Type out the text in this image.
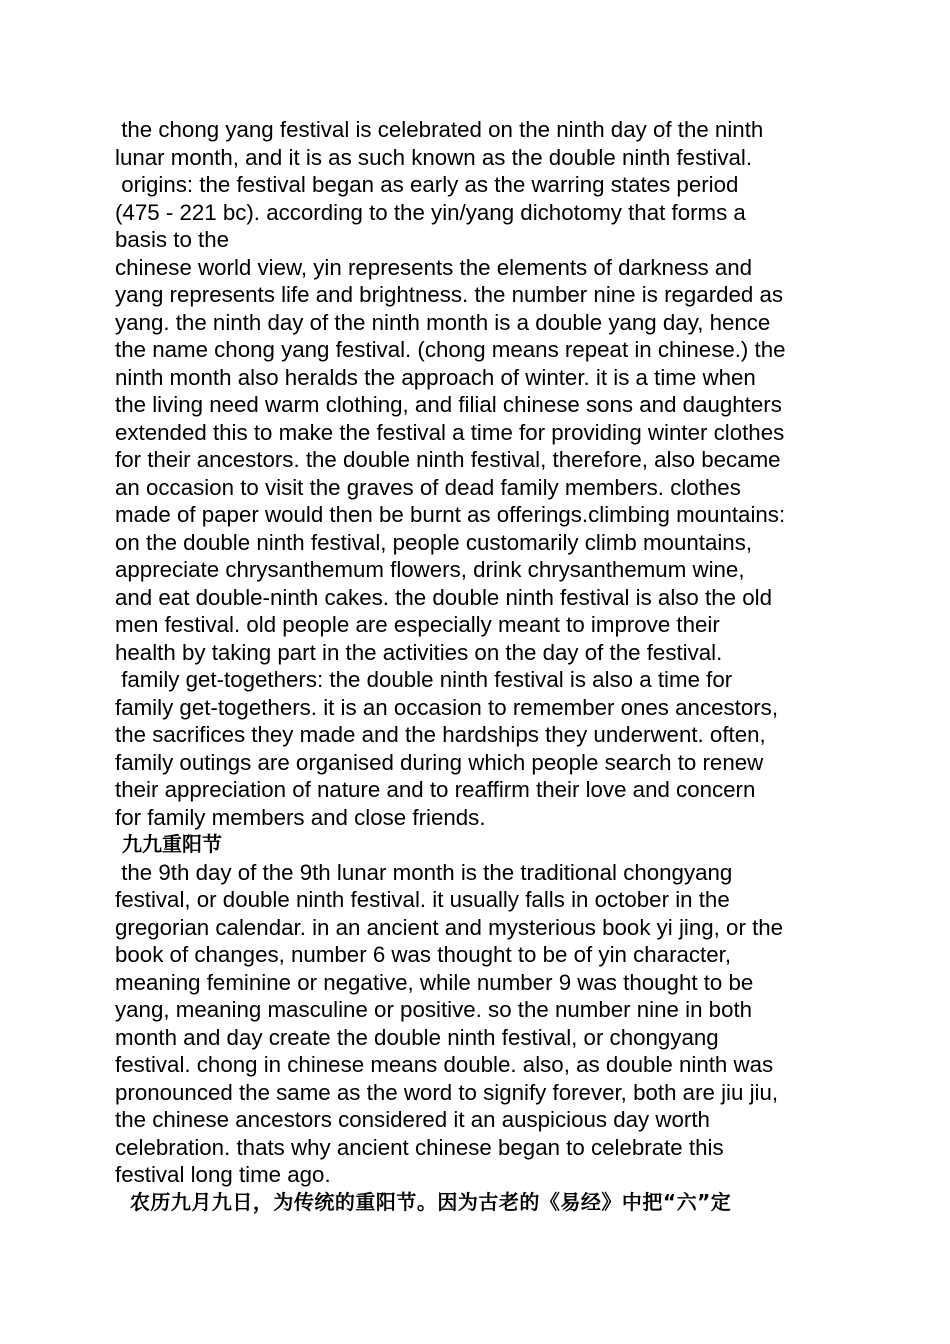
the chong yang festival is celebrated on the ninth day of the ninth
lunar month, and it is as such known as the double ninth festival.
origins: the festival began as early as the warring states period
(475 - 221 bc). according to the yin/yang dichotomy that forms a
basis to the
chinese world view, yin represents the elements of darkness and
yang represents life and brightness. the number nine is regarded as
yang. the ninth day of the ninth month is a double yang day, hence
the name chong yang festival. (chong means repeat in chinese.) the
ninth month also heralds the approach of winter. it is a time when
the living need warm clothing, and filial chinese sons and daughters
extended this to make the festival a time for providing winter clothes
for their ancestors. the double ninth festival, therefore, also became
an occasion to visit the graves of dead family members. clothes
made of paper would then be burnt as offerings.climbing mountains:
on the double ninth festival, people customarily climb mountains,
appreciate chrysanthemum flowers, drink chrysanthemum wine,
and eat double-ninth cakes. the double ninth festival is also the old
men festival. old people are especially meant to improve their
health by taking part in the activities on the day of the festival.
family get-togethers: the double ninth festival is also a time for
family get-togethers. it is an occasion to remember ones ancestors,
the sacrifices they made and the hardships they underwent. often,
family outings are organised during which people search to renew
their appreciation of nature and to reaffirm their love and concern
for family members and close friends.
九九重阳节
the 9th day of the 9th lunar month is the traditional chongyang
festival, or double ninth festival. it usually falls in october in the
gregorian calendar. in an ancient and mysterious book yi jing, or the
book of changes, number 6 was thought to be of yin character,
meaning feminine or negative, while number 9 was thought to be
yang, meaning masculine or positive. so the number nine in both
month and day create the double ninth festival, or chongyang
festival. chong in chinese means double. also, as double ninth was
pronounced the same as the word to signify forever, both are jiu jiu,
the chinese ancestors considered it an auspicious day worth
celebration. thats why ancient chinese began to celebrate this
festival long time ago.
农历九月九日，为传统的重阳节。因为古老的《易经》中把“六”定
